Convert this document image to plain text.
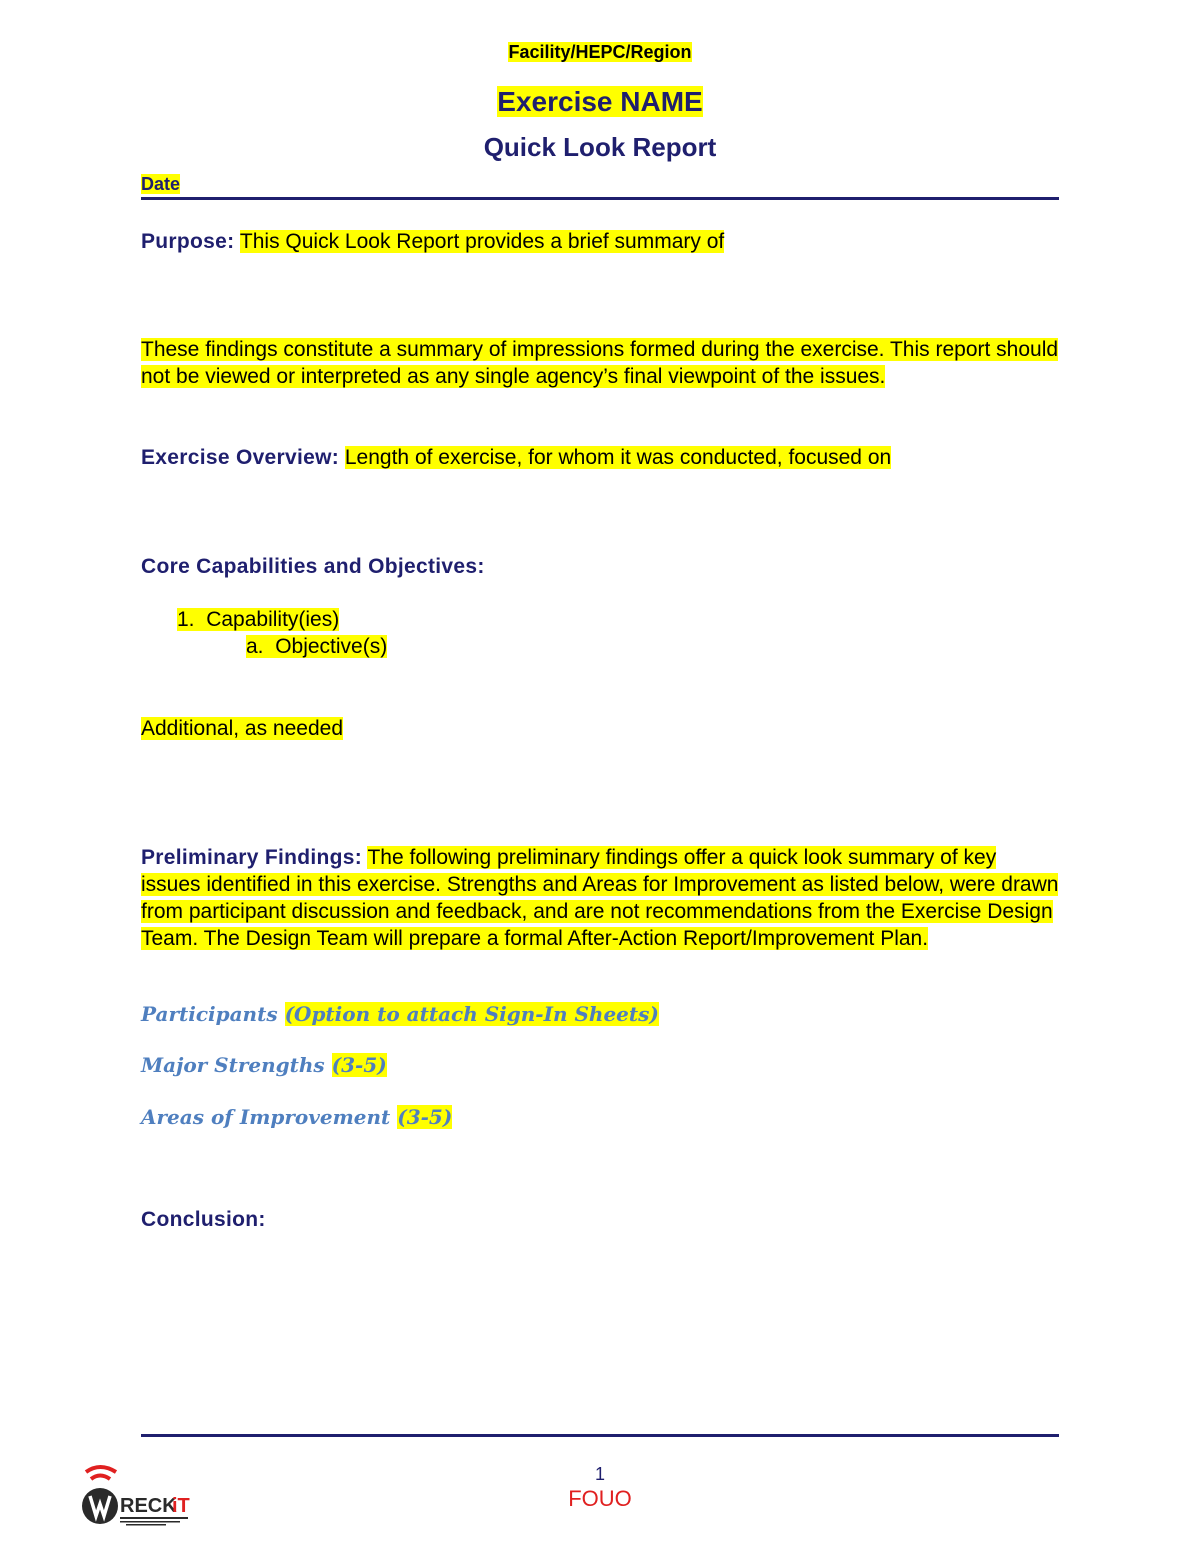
Facility/HEPC/Region
Exercise NAME
Quick Look Report
Date
Purpose: This Quick Look Report provides a brief summary of
These findings constitute a summary of impressions formed during the exercise. This report should not be viewed or interpreted as any single agency’s final viewpoint of the issues.
Exercise Overview: Length of exercise, for whom it was conducted, focused on
Core Capabilities and Objectives:
1. Capability(ies)
a. Objective(s)
Additional, as needed
Preliminary Findings: The following preliminary findings offer a quick look summary of key issues identified in this exercise. Strengths and Areas for Improvement as listed below, were drawn from participant discussion and feedback, and are not recommendations from the Exercise Design Team. The Design Team will prepare a formal After-Action Report/Improvement Plan.
Participants (Option to attach Sign-In Sheets)
Major Strengths (3-5)
Areas of Improvement (3-5)
Conclusion:
RECK
iT
1
FOUO
